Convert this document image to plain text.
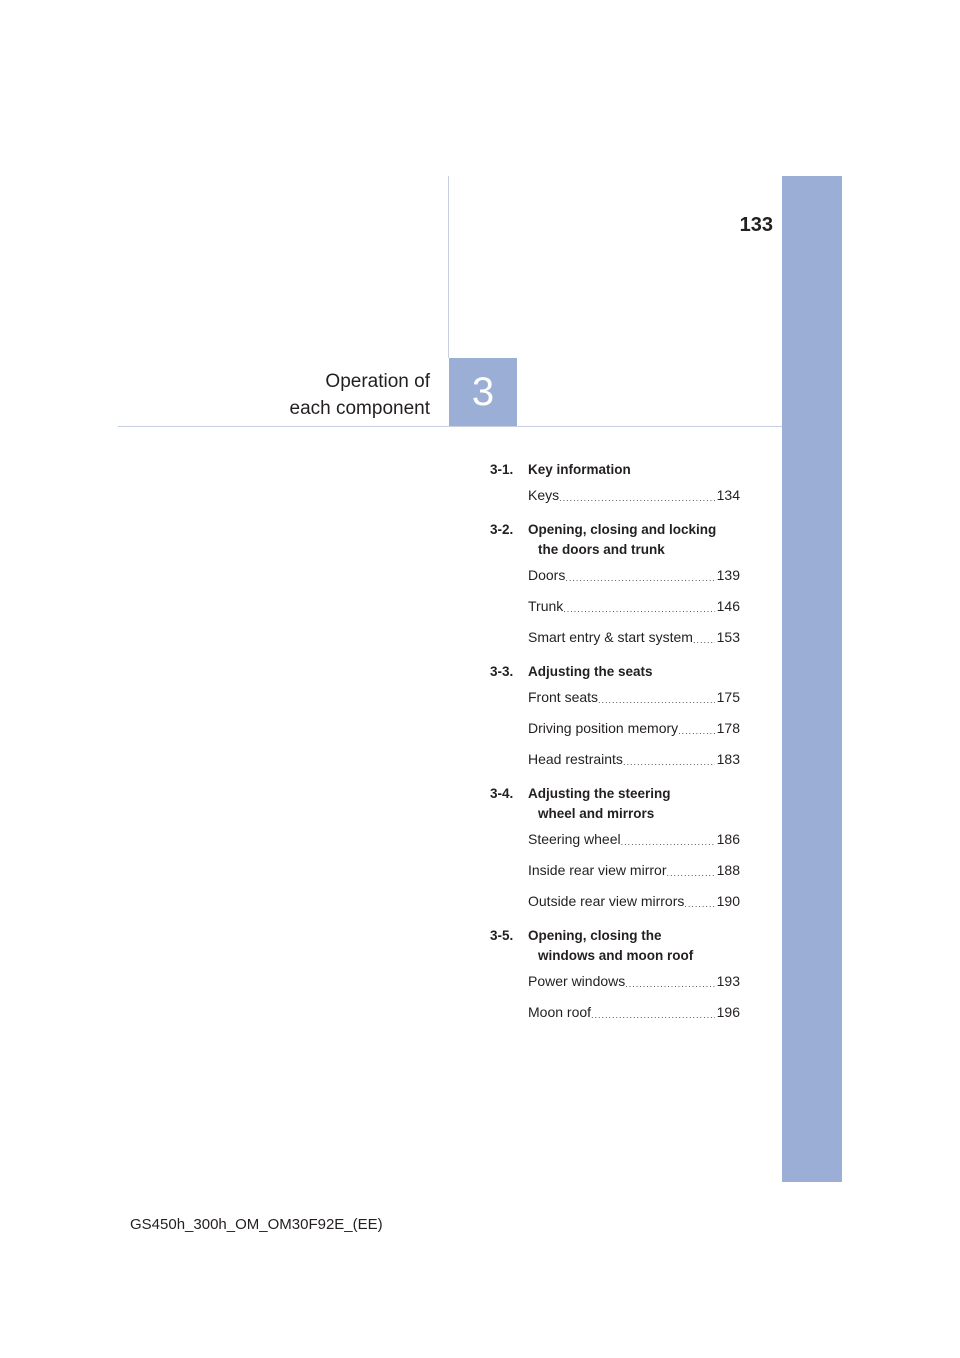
133
Operation of
each component	3
3-1.	Key information
Keys .....	134
3-2.	Opening, closing and locking
the doors and trunk
Doors .....	139
Trunk .....	146
Smart entry & start system ..... 153
3-3.	Adjusting the seats
Front seats .....	175
Driving position memory .....	178
Head restraints .....	183
3-4.	Adjusting the steering
wheel and mirrors
Steering wheel .....	186
Inside rear view mirror .....	188
Outside rear view mirrors ..... 190
3-5.	Opening, closing the
windows and moon roof
Power windows .....	193
Moon roof .....	196
GS450h_300h_OM_OM30F92E_(EE)
